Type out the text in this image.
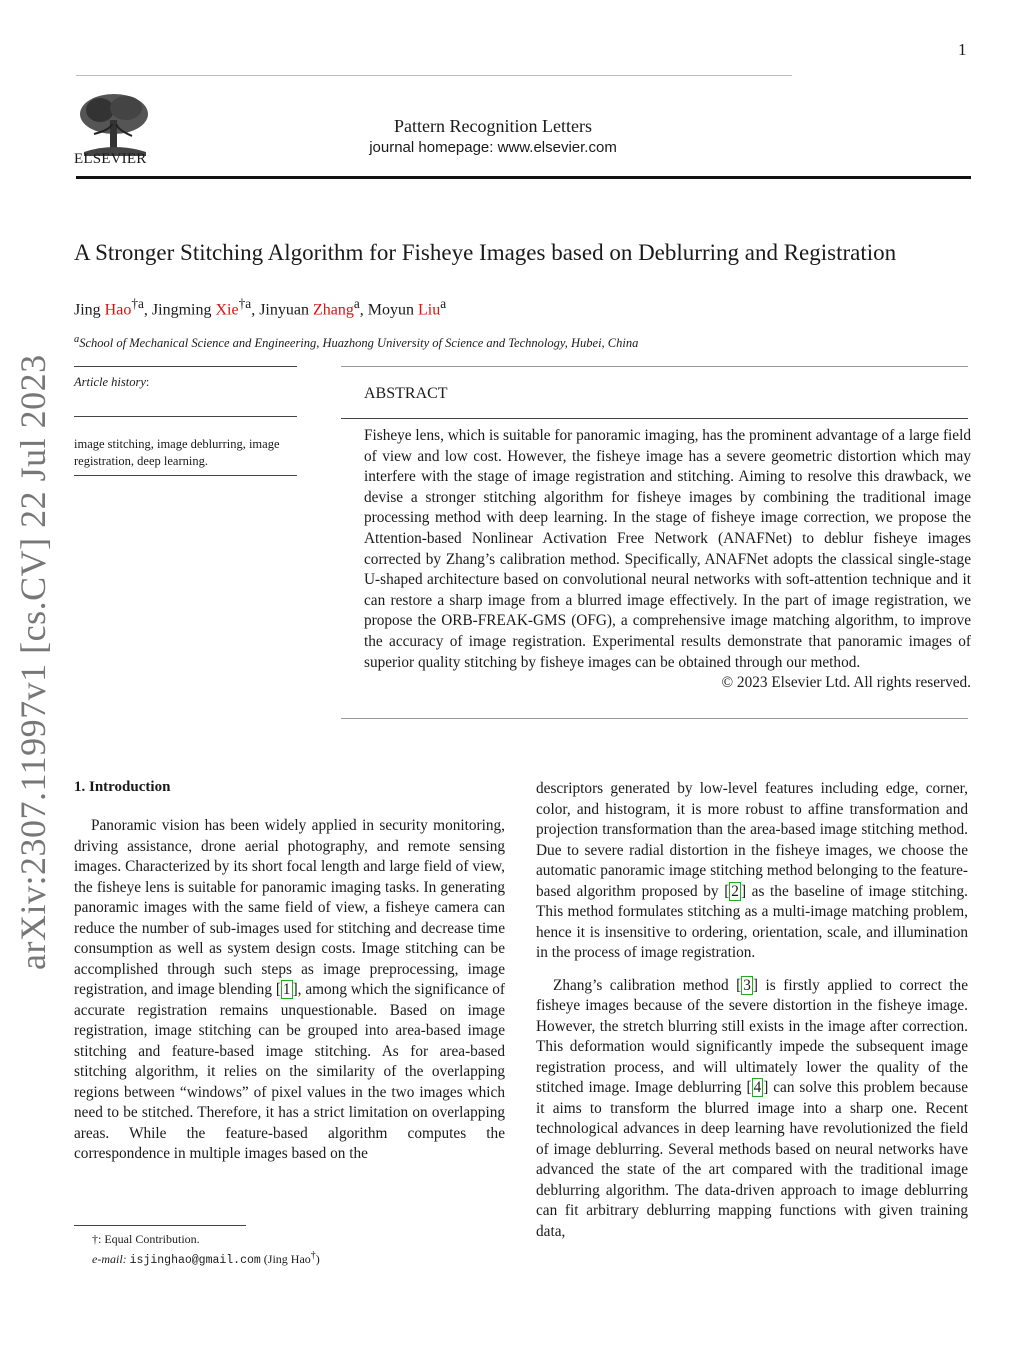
1
ELSEVIER
Pattern Recognition Letters
journal homepage: www.elsevier.com
A Stronger Stitching Algorithm for Fisheye Images based on Deblurring and Registration
Jing Hao$^{\dagger a}$, Jingming Xie$^{\dagger a}$, Jinyuan Zhang$^a$, Moyun Liu$^a$
$^a$School of Mechanical Science and Engineering, Huazhong University of Science and Technology, Hubei, China
arXiv:2307.11997v1 [cs.CV] 22 Jul 2023 Article history:
image stitching, image deblurring, image registration, deep learning.
ABSTRACT
Fisheye lens, which is suitable for panoramic imaging, has the prominent advantage of a large field of view and low cost. However, the fisheye image has a severe geometric distortion which may interfere with the stage of image registration and stitching. Aiming to resolve this drawback, we devise a stronger stitching algorithm for fisheye images by combining the traditional image processing method with deep learning. In the stage of fisheye image correction, we propose the Attention-based Nonlinear Activation Free Network (ANAFNet) to deblur fisheye images corrected by Zhang’s calibration method. Specifically, ANAFNet adopts the classical single-stage U-shaped architecture based on convolutional neural networks with soft-attention technique and it can restore a sharp image from a blurred image effectively. In the part of image registration, we propose the ORB-FREAK-GMS (OFG), a comprehensive image matching algorithm, to improve the accuracy of image registration. Experimental results demonstrate that panoramic images of superior quality stitching by fisheye images can be obtained through our method.
© 2023 Elsevier Ltd. All rights reserved.
1. Introduction

Panoramic vision has been widely applied in security monitoring, driving assistance, drone aerial photography, and remote sensing images. Characterized by its short focal length and large field of view, the fisheye lens is suitable for panoramic imaging tasks. In generating panoramic images with the same field of view, a fisheye camera can reduce the number of sub-images used for stitching and decrease time consumption as well as system design costs. Image stitching can be accomplished through such steps as image preprocessing, image registration, and image blending [ 1 ], among which the significance of accurate registration remains unquestionable. Based on image registration, image stitching can be grouped into area-based image stitching and feature-based image stitching. As for area-based stitching algorithm, it relies on the similarity of the overlapping regions between “windows” of pixel values in the two images which need to be stitched. Therefore, it has a strict limitation on overlapping areas. While the feature-based algorithm computes the correspondence in multiple images based on the

descriptors generated by low-level features including edge, corner, color, and histogram, it is more robust to affine transformation and projection transformation than the area-based image stitching method. Due to severe radial distortion in the fisheye images, we choose the automatic panoramic image stitching method belonging to the feature-based algorithm proposed by [ 2 ] as the baseline of image stitching. This method formulates stitching as a multi-image matching problem, hence it is insensitive to ordering, orientation, scale, and illumination in the process of image registration.

Zhang’s calibration method [ 3 ] is firstly applied to correct the fisheye images because of the severe distortion in the fisheye image. However, the stretch blurring still exists in the image after correction. This deformation would significantly impede the subsequent image registration process, and will ultimately lower the quality of the stitched image. Image deblurring [ 4 ] can solve this problem because it aims to transform the blurred image into a sharp one. Recent technological advances in deep learning have revolutionized the field of image deblurring. Several methods based on neural networks have advanced the state of the art compared with the traditional image deblurring algorithm. The data-driven approach to image deblurring can fit arbitrary deblurring mapping functions with given training data,

†: Equal Contribution.
e-mail: isjinghao@gmail.com (Jing Hao†)
